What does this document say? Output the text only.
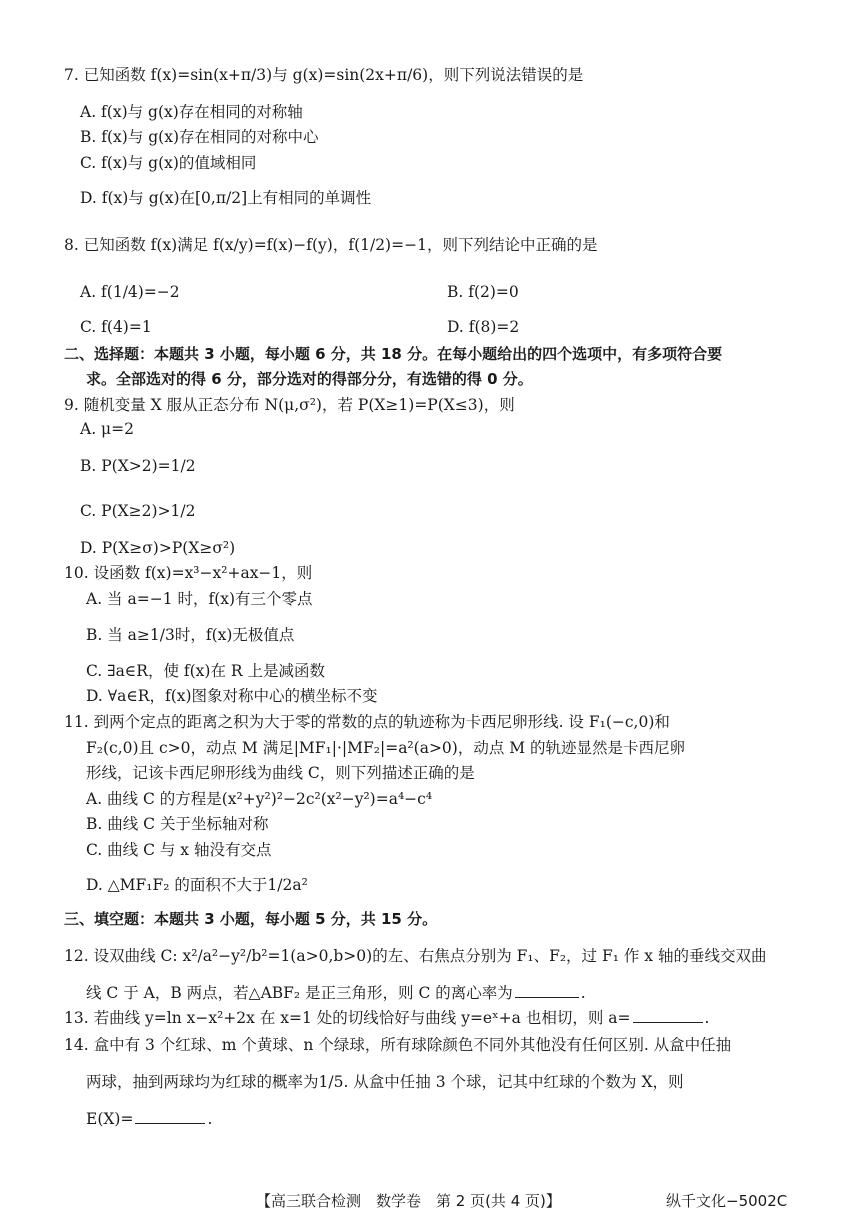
7. 已知函数 f(x)=sin(x+π/3)与 g(x)=sin(2x+π/6)，则下列说法错误的是
A. f(x)与 g(x)存在相同的对称轴
B. f(x)与 g(x)存在相同的对称中心
C. f(x)与 g(x)的值域相同
D. f(x)与 g(x)在[0,π/2]上有相同的单调性
8. 已知函数 f(x)满足 f(x/y)=f(x)−f(y)，f(1/2)=−1，则下列结论中正确的是
A. f(1/4)=−2	B. f(2)=0
C. f(4)=1	D. f(8)=2
二、选择题：本题共 3 小题，每小题 6 分，共 18 分。在每小题给出的四个选项中，有多项符合要
求。全部选对的得 6 分，部分选对的得部分分，有选错的得 0 分。
9. 随机变量 X 服从正态分布 N(μ,σ²)，若 P(X≥1)=P(X≤3)，则
A. μ=2
B. P(X>2)=1/2
C. P(X≥2)>1/2
D. P(X≥σ)>P(X≥σ²)
10. 设函数 f(x)=x³−x²+ax−1，则
A. 当 a=−1 时，f(x)有三个零点
B. 当 a≥1/3时，f(x)无极值点
C. ∃a∈R，使 f(x)在 R 上是减函数
D. ∀a∈R，f(x)图象对称中心的横坐标不变
11. 到两个定点的距离之积为大于零的常数的点的轨迹称为卡西尼卵形线. 设 F₁(−c,0)和
F₂(c,0)且 c>0，动点 M 满足|MF₁|·|MF₂|=a²(a>0)，动点 M 的轨迹显然是卡西尼卵
形线，记该卡西尼卵形线为曲线 C，则下列描述正确的是
A. 曲线 C 的方程是(x²+y²)²−2c²(x²−y²)=a⁴−c⁴
B. 曲线 C 关于坐标轴对称
C. 曲线 C 与 x 轴没有交点
D. △MF₁F₂ 的面积不大于1/2a²
三、填空题：本题共 3 小题，每小题 5 分，共 15 分。
12. 设双曲线 C: x²/a²−y²/b²=1(a>0,b>0)的左、右焦点分别为 F₁、F₂，过 F₁ 作 x 轴的垂线交双曲
线 C 于 A，B 两点，若△ABF₂ 是正三角形，则 C 的离心率为	.
13. 若曲线 y=ln x−x²+2x 在 x=1 处的切线恰好与曲线 y=eˣ+a 也相切，则 a=	.
14. 盒中有 3 个红球、m 个黄球、n 个绿球，所有球除颜色不同外其他没有任何区别. 从盒中任抽
两球，抽到两球均为红球的概率为1/5. 从盒中任抽 3 个球，记其中红球的个数为 X，则
E(X)=	.
【高三联合检测　数学卷　第 2 页(共 4 页)】	纵千文化−5002C
